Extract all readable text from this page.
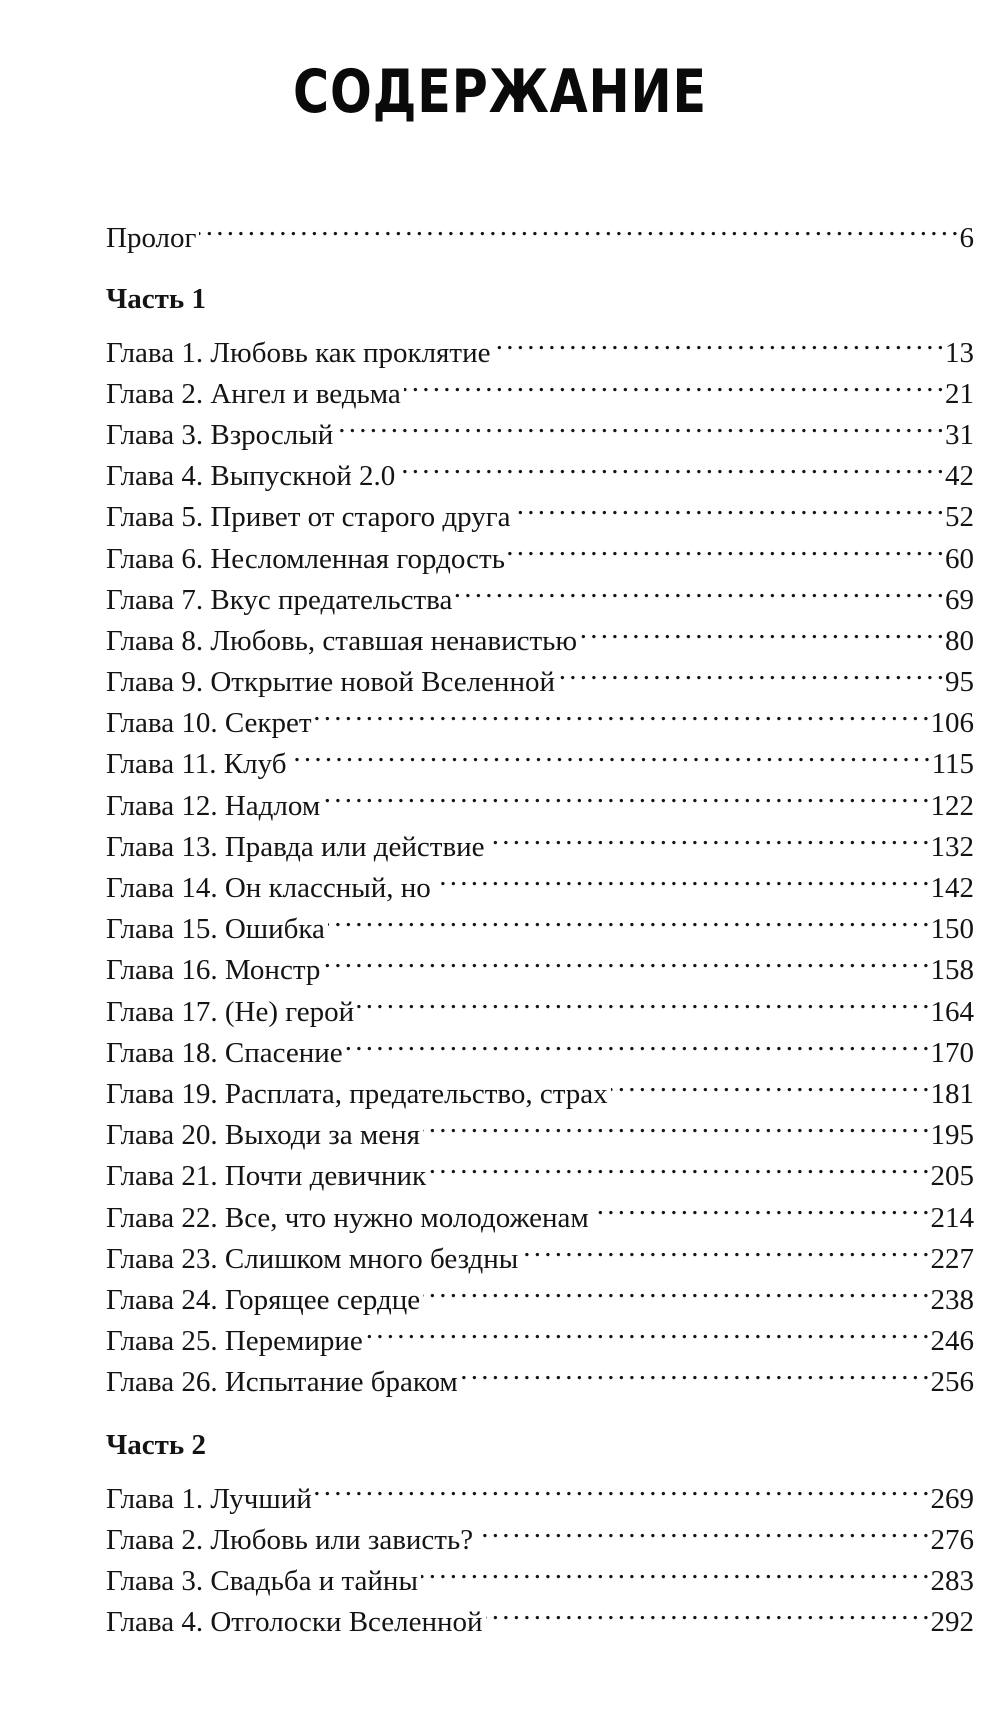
СОДЕРЖАНИЕ
Пролог . . .	6
Часть 1
Глава 1. Любовь как проклятие . . .	13
Глава 2. Ангел и ведьма . . .	21
Глава 3. Взрослый . . .	31
Глава 4. Выпускной 2.0 . . .	42
Глава 5. Привет от старого друга . . .	52
Глава 6. Несломленная гордость . . .	60
Глава 7. Вкус предательства . . .	69
Глава 8. Любовь, ставшая ненавистью . . .	80
Глава 9. Открытие новой Вселенной . . .	95
Глава 10. Секрет . . .	106
Глава 11. Клуб . . .	115
Глава 12. Надлом . . .	122
Глава 13. Правда или действие . . .	132
Глава 14. Он классный, но . . .	142
Глава 15. Ошибка . . .	150
Глава 16. Монстр . . .	158
Глава 17. (Не) герой . . .	164
Глава 18. Спасение . . .	170
Глава 19. Расплата, предательство, страх . . .	181
Глава 20. Выходи за меня . . .	195
Глава 21. Почти девичник . . .	205
Глава 22. Все, что нужно молодоженам . . .	214
Глава 23. Слишком много бездны . . .	227
Глава 24. Горящее сердце . . .	238
Глава 25. Перемирие . . .	246
Глава 26. Испытание браком . . .	256
Часть 2
Глава 1. Лучший . . .	269
Глава 2. Любовь или зависть? . . .	276
Глава 3. Свадьба и тайны . . .	283
Глава 4. Отголоски Вселенной . . .	292
